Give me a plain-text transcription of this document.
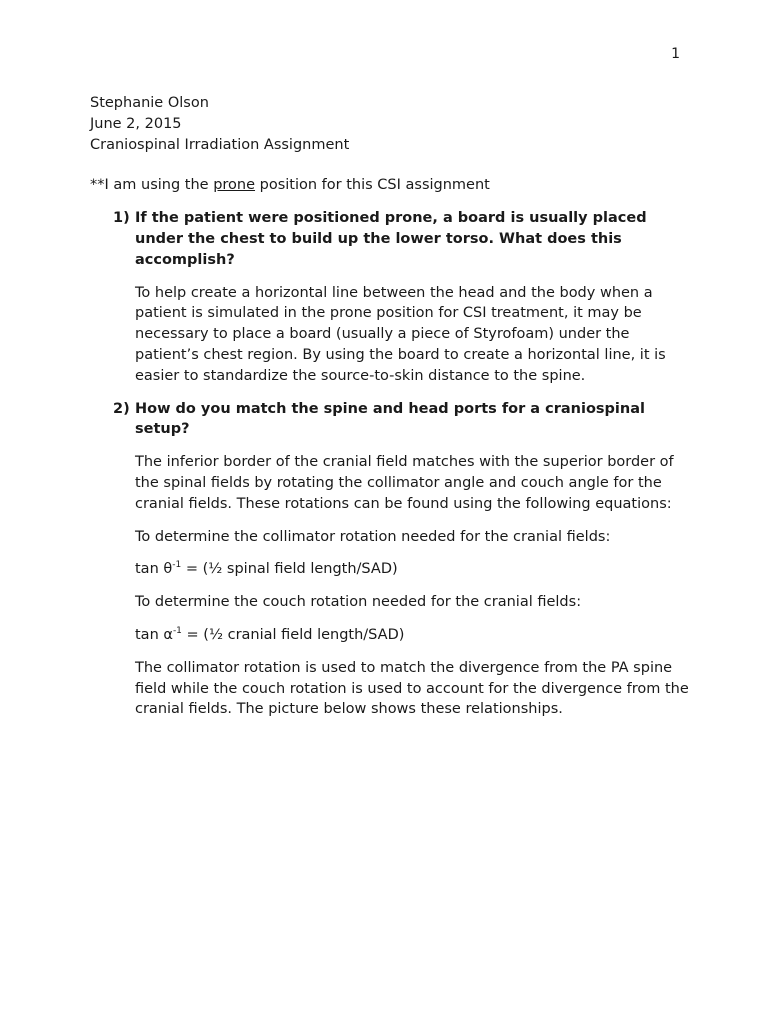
1

Stephanie Olson

June 2, 2015

Craniospinal Irradiation Assignment

**I am using the prone position for this CSI assignment

1) If the patient were positioned prone, a board is usually placed under the chest to build up the lower torso. What does this accomplish?

To help create a horizontal line between the head and the body when a patient is simulated in the prone position for CSI treatment, it may be necessary to place a board (usually a piece of Styrofoam) under the patient’s chest region. By using the board to create a horizontal line, it is easier to standardize the source-to-skin distance to the spine.

2) How do you match the spine and head ports for a craniospinal setup?

The inferior border of the cranial field matches with the superior border of the spinal fields by rotating the collimator angle and couch angle for the cranial fields. These rotations can be found using the following equations:

To determine the collimator rotation needed for the cranial fields:

$\tan \theta^{-1}$ = (½ spinal field length/SAD)

To determine the couch rotation needed for the cranial fields:

$\tan \alpha^{-1}$ = (½ cranial field length/SAD)

The collimator rotation is used to match the divergence from the PA spine field while the couch rotation is used to account for the divergence from the cranial fields. The picture below shows these relationships.
